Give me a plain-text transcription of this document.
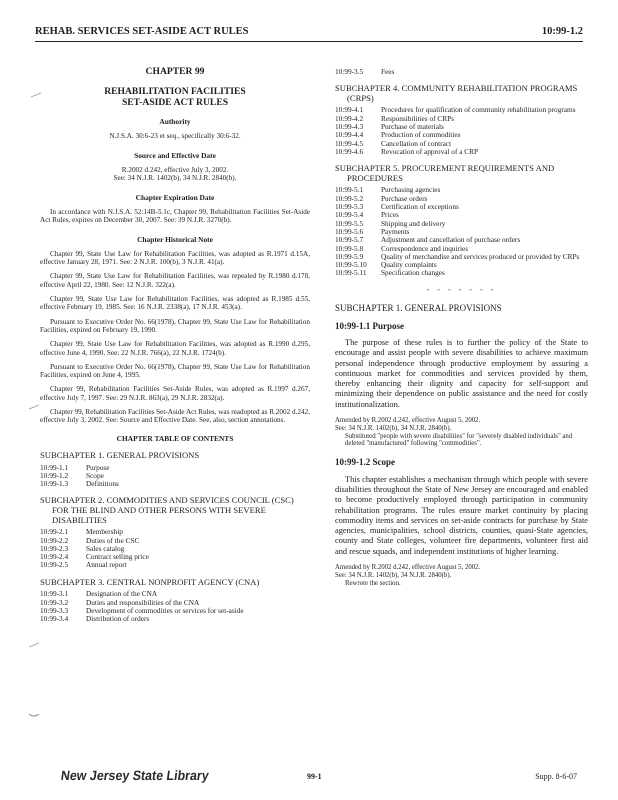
REHAB. SERVICES SET-ASIDE ACT RULES	10:99-1.2
CHAPTER 99
REHABILITATION FACILITIES
SET-ASIDE ACT RULES
Authority
N.J.S.A. 30:6-23 et seq., specifically 30:6-32.
Source and Effective Date
R.2002 d.242, effective July 3, 2002.
See: 34 N.J.R. 1402(b), 34 N.J.R. 2840(b).
Chapter Expiration Date
In accordance with N.J.S.A. 52:14B-5.1c, Chapter 99, Rehabilitation Facilities Set-Aside Act Rules, expires on December 30, 2007. See: 39 N.J.R. 3270(b).
Chapter Historical Note
Chapter 99, State Use Law for Rehabilitation Facilities, was adopted as R.1971 d.15A, effective January 28, 1971. See: 2 N.J.R. 100(b), 3 N.J.R. 41(a).
Chapter 99, State Use Law for Rehabilitation Facilities, was repealed by R.1980 d.178, effective April 22, 1980. See: 12 N.J.R. 322(a).
Chapter 99, State Use Law for Rehabilitation Facilities, was adopted as R.1985 d.55, effective February 19, 1985. See: 16 N.J.R. 2338(a), 17 N.J.R. 453(a).
Pursuant to Executive Order No. 66(1978), Chapter 99, State Use Law for Rehabilitation Facilities, expired on February 19, 1990.
Chapter 99, State Use Law for Rehabilitation Facilities, was adopted as R.1990 d.295, effective June 4, 1990. See: 22 N.J.R. 766(a), 22 N.J.R. 1724(b).
Pursuant to Executive Order No. 66(1978), Chapter 99, State Use Law for Rehabilitation Facilities, expired on June 4, 1995.
Chapter 99, Rehabilitation Facilities Set-Aside Rules, was adopted as R.1997 d.267, effective July 7, 1997. See: 29 N.J.R. 863(a), 29 N.J.R. 2832(a).
Chapter 99, Rehabilitation Facilities Set-Aside Act Rules, was readopted as R.2002 d.242, effective July 3, 2002. See: Source and Effective Date. See, also, section annotations.
CHAPTER TABLE OF CONTENTS
SUBCHAPTER 1. GENERAL PROVISIONS
10:99-1.1	Purpose
10:99-1.2	Scope
10:99-1.3	Definitions
SUBCHAPTER 2. COMMODITIES AND SERVICES COUNCIL (CSC) FOR THE BLIND AND OTHER PERSONS WITH SEVERE DISABILITIES
10:99-2.1	Membership
10:99-2.2	Duties of the CSC
10:99-2.3	Sales catalog
10:99-2.4	Contract selling price
10:99-2.5	Annual report
SUBCHAPTER 3. CENTRAL NONPROFIT AGENCY (CNA)
10:99-3.1	Designation of the CNA
10:99-3.2	Duties and responsibilities of the CNA
10:99-3.3	Development of commodities or services for set-aside
10:99-3.4	Distribution of orders
10:99-3.5	Fees
SUBCHAPTER 4. COMMUNITY REHABILITATION PROGRAMS (CRPS)
10:99-4.1	Procedures for qualification of community rehabilitation programs
10:99-4.2	Responsibilities of CRPs
10:99-4.3	Purchase of materials
10:99-4.4	Production of commodities
10:99-4.5	Cancellation of contract
10:99-4.6	Revocation of approval of a CRP
SUBCHAPTER 5. PROCUREMENT REQUIREMENTS AND PROCEDURES
10:99-5.1	Purchasing agencies
10:99-5.2	Purchase orders
10:99-5.3	Certification of exceptions
10:99-5.4	Prices
10:99-5.5	Shipping and delivery
10:99-5.6	Payments
10:99-5.7	Adjustment and cancellation of purchase orders
10:99-5.8	Correspondence and inquiries
10:99-5.9	Quality of merchandise and services produced or provided by CRPs
10:99-5.10	Quality complaints
10:99-5.11	Specification changes
- - - - - - -
SUBCHAPTER 1. GENERAL PROVISIONS
10:99-1.1 Purpose
The purpose of these rules is to further the policy of the State to encourage and assist people with severe disabilities to achieve maximum personal independence through productive employment by assuring a continuous market for commodities and services provided by them, thereby enhancing their dignity and capacity for self-support and minimizing their dependence on public assistance and the need for costly institutionalization.
Amended by R.2002 d.242, effective August 5, 2002.
See: 34 N.J.R. 1402(b), 34 N.J.R. 2840(b).
Substituted "people with severe disabilities" for "severely disabled individuals" and deleted "manufactured" following "commodities".
10:99-1.2 Scope
This chapter establishes a mechanism through which people with severe disabilities throughout the State of New Jersey are encouraged and enabled to become productively employed through participation in community rehabilitation programs. The rules ensure market continuity by placing commodity items and services on set-aside contracts for purchase by State agencies, municipalities, school districts, counties, quasi-State agencies, county and State colleges, volunteer fire departments, volunteer first aid and rescue squads, and independent institutions of higher learning.
Amended by R.2002 d.242, effective August 5, 2002.
See: 34 N.J.R. 1402(b), 34 N.J.R. 2840(b).
Rewrote the section.
New Jersey State Library	99-1	Supp. 8-6-07
